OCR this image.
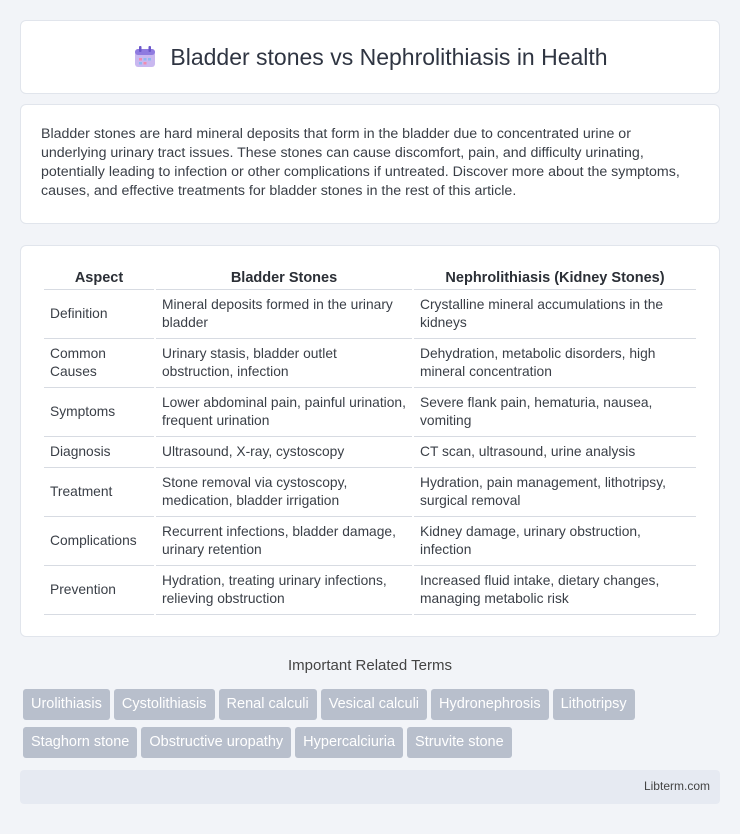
Bladder stones vs Nephrolithiasis in Health

Bladder stones are hard mineral deposits that form in the bladder due to concentrated urine or underlying urinary tract issues. These stones can cause discomfort, pain, and difficulty urinating, potentially leading to infection or other complications if untreated. Discover more about the symptoms, causes, and effective treatments for bladder stones in the rest of this article.

Aspect	Bladder Stones	Nephrolithiasis (Kidney Stones)
Definition	Mineral deposits formed in the urinary bladder	Crystalline mineral accumulations in the kidneys
Common Causes	Urinary stasis, bladder outlet obstruction, infection	Dehydration, metabolic disorders, high mineral concentration
Symptoms	Lower abdominal pain, painful urination, frequent urination	Severe flank pain, hematuria, nausea, vomiting
Diagnosis	Ultrasound, X-ray, cystoscopy	CT scan, ultrasound, urine analysis
Treatment	Stone removal via cystoscopy, medication, bladder irrigation	Hydration, pain management, lithotripsy, surgical removal
Complications	Recurrent infections, bladder damage, urinary retention	Kidney damage, urinary obstruction, infection
Prevention	Hydration, treating urinary infections, relieving obstruction	Increased fluid intake, dietary changes, managing metabolic risk
Important Related Terms
Urolithiasis Cystolithiasis Renal calculi Vesical calculi Hydronephrosis LithotripsyStaghorn stone Obstructive uropathy Hypercalciuria Struvite stone
Libterm.com
